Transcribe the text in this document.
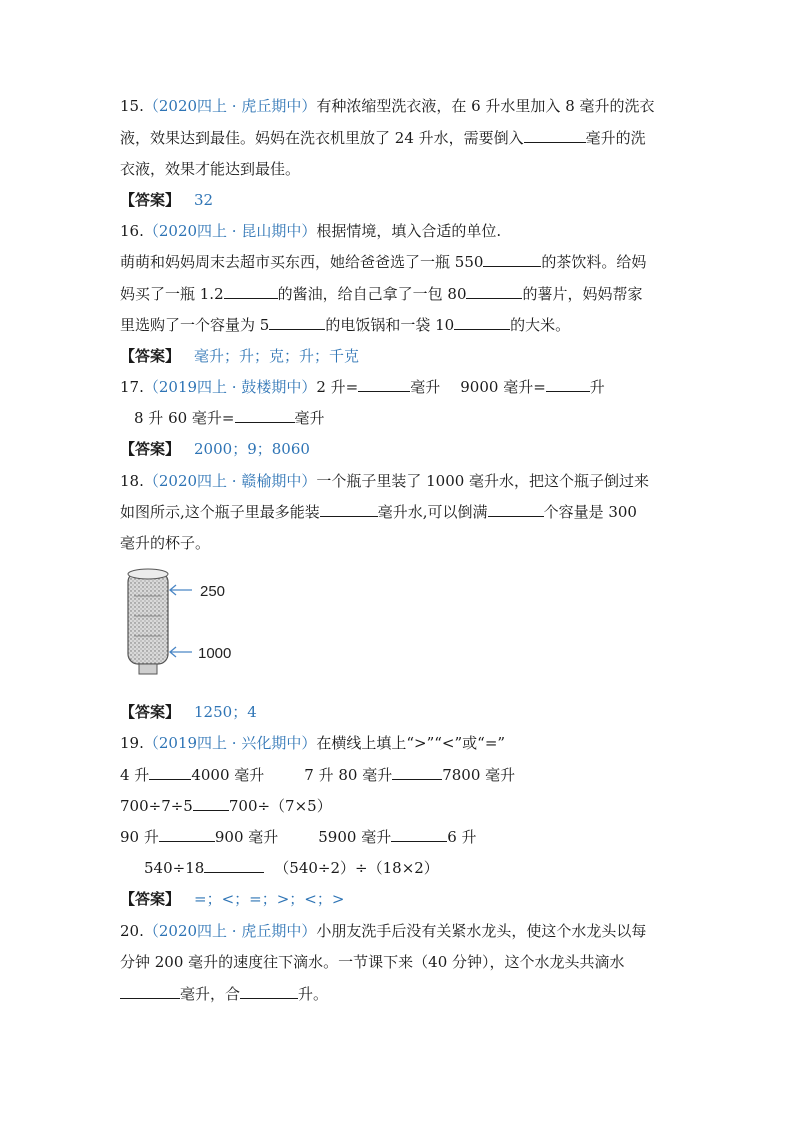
15.（2020四上 · 虎丘期中）有种浓缩型洗衣液，在 6 升水里加入 8 毫升的洗衣
液，效果达到最佳。妈妈在洗衣机里放了 24 升水，需要倒入	毫升的洗
衣液，效果才能达到最佳。
【答案】 32
16.（2020四上 · 昆山期中）根据情境，填入合适的单位.
萌萌和妈妈周末去超市买东西，她给爸爸选了一瓶 550	的茶饮料。给妈
妈买了一瓶 1.2	的酱油，给自己拿了一包 80	的薯片，妈妈帮家
里选购了一个容量为 5	的电饭锅和一袋 10	的大米。
【答案】 毫升；升；克；升；千克
17.（2019四上 · 鼓楼期中）2 升=	毫升 9000 毫升=	升
8 升 60 毫升=	毫升
【答案】 2000；9；8060
18.（2020四上 · 赣榆期中）一个瓶子里装了 1000 毫升水，把这个瓶子倒过来
如图所示,这个瓶子里最多能装	毫升水,可以倒满	个容量是 300
毫升的杯子。
250
1000
【答案】 1250；4
19.（2019四上 · 兴化期中）在横线上填上“>”“<”或“=”
4 升	4000 毫升	7 升 80 毫升	7800 毫升
700÷7÷5 700÷（7×5）
90 升	900 毫升	5900 毫升	6 升
540÷18	（540÷2）÷（18×2）
【答案】 =；<；=；>；<；>
20.（2020四上 · 虎丘期中）小朋友洗手后没有关紧水龙头，使这个水龙头以每
分钟 200 毫升的速度往下滴水。一节课下来（40 分钟），这个水龙头共滴水
毫升，合	升。
